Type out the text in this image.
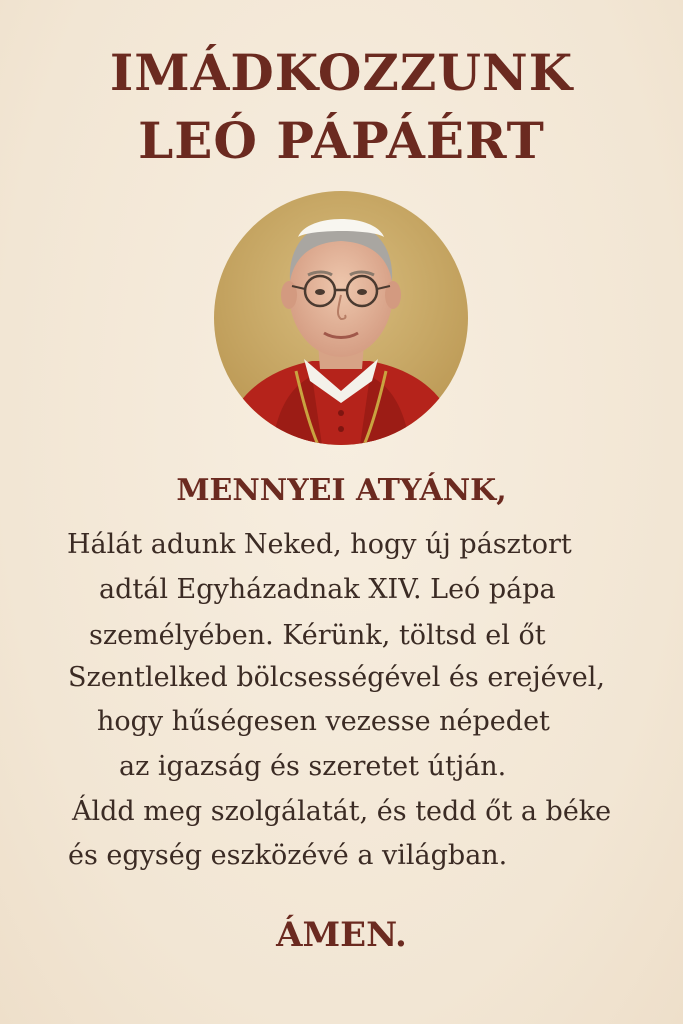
IMÁDKOZZUNK
LEÓ PÁPÁÉRT
MENNYEI ATYÁNK,
Hálát adunk Neked, hogy új pásztort
adtál Egyházadnak XIV. Leó pápa
személyében. Kérünk, töltsd el őt
Szentlelked bölcsességével és erejével,
hogy hűségesen vezesse népedet
az igazság és szeretet útján.
Áldd meg szolgálatát, és tedd őt a béke
és egység eszközévé a világban.
ÁMEN.
